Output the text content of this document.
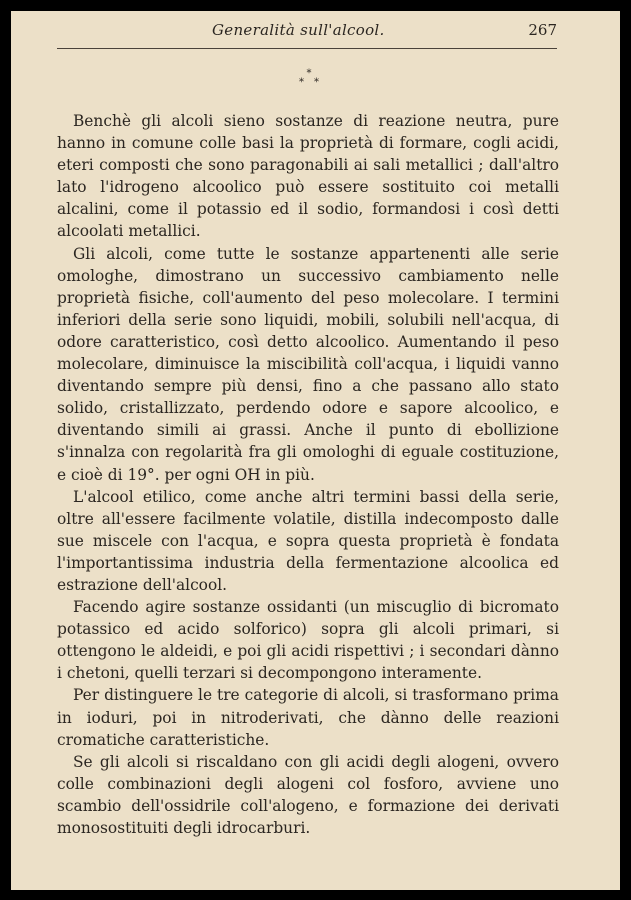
Generalità sull'alcool.	267
*
* *

Benchè gli alcoli sieno sostanze di reazione neutra, pure hanno in comune colle basi la proprietà di formare, cogli acidi, eteri composti che sono paragonabili ai sali metallici ; dall'altro lato l'idrogeno alcoolico può essere sostituito coi metalli alcalini, come il potassio ed il sodio, formandosi i così detti alcoolati metallici.

Gli alcoli, come tutte le sostanze appartenenti alle serie omologhe, dimostrano un successivo cambiamento nelle proprietà fisiche, coll'aumento del peso molecolare. I termini inferiori della serie sono liquidi, mobili, solubili nell'acqua, di odore caratteristico, così detto alcoolico. Aumentando il peso molecolare, diminuisce la miscibilità coll'acqua, i liquidi vanno diventando sempre più densi, fino a che passano allo stato solido, cristallizzato, perdendo odore e sapore alcoolico, e diventando simili ai grassi. Anche il punto di ebollizione s'innalza con regolarità fra gli omologhi di eguale costituzione, e cioè di 19°. per ogni OH in più.

L'alcool etilico, come anche altri termini bassi della serie, oltre all'essere facilmente volatile, distilla indecomposto dalle sue miscele con l'acqua, e sopra questa proprietà è fondata l'importantissima industria della fermentazione alcoolica ed estrazione dell'alcool.

Facendo agire sostanze ossidanti (un miscuglio di bicromato potassico ed acido solforico) sopra gli alcoli primari, si ottengono le aldeidi, e poi gli acidi rispettivi ; i secondari dànno i chetoni, quelli terzari si decompongono interamente.

Per distinguere le tre categorie di alcoli, si trasformano prima in ioduri, poi in nitroderivati, che dànno delle reazioni cromatiche caratteristiche.

Se gli alcoli si riscaldano con gli acidi degli alogeni, ovvero colle combinazioni degli alogeni col fosforo, avviene uno scambio dell'ossidrile coll'alogeno, e formazione dei derivati monosostituiti degli idrocarburi.
